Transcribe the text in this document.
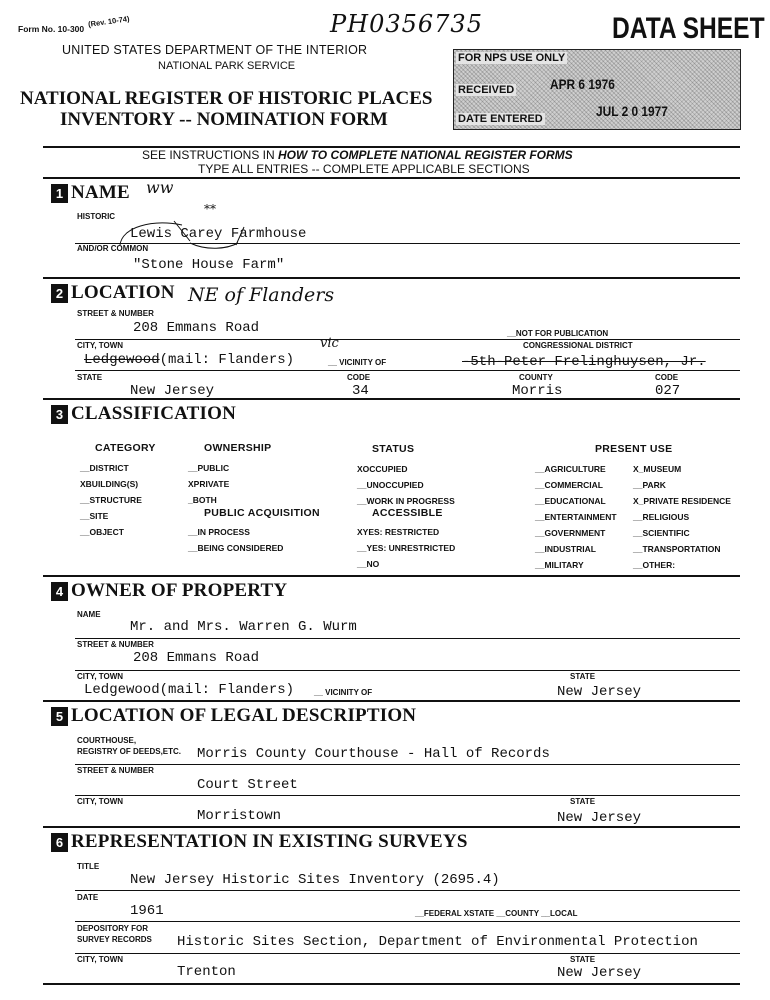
Form No. 10-300
(Rev. 10-74)	PH0356735	DATA SHEET
UNITED STATES DEPARTMENT OF THE INTERIOR
NATIONAL PARK SERVICE
NATIONAL REGISTER OF HISTORIC PLACES
INVENTORY -- NOMINATION FORM
FOR NPS USE ONLY
RECEIVED	APR 6 1976
DATE ENTERED	JUL 2 0 1977
SEE INSTRUCTIONS IN HOW TO COMPLETE NATIONAL REGISTER FORMS
TYPE ALL ENTRIES -- COMPLETE APPLICABLE SECTIONS
1 NAME ww
HISTORIC
**
Lewis Carey Farmhouse
AND/OR COMMON
"Stone House Farm"
2 LOCATION NE of Flanders
STREET & NUMBER
208 Emmans Road	__NOT FOR PUBLICATION
CITY, TOWN	CONGRESSIONAL DISTRICT
Ledgewood(mail: Flanders)
vic
__ VICINITY OF	-5th-Peter Frelinghuysen, Jr.
STATE	CODE	COUNTY	CODE
New Jersey	34	Morris	027
3 CLASSIFICATION
CATEGORY
__DISTRICT
XBUILDING(S)
__STRUCTURE
__SITE
__OBJECT
OWNERSHIP
__PUBLIC
XPRIVATE
_BOTH
PUBLIC ACQUISITION
__IN PROCESS
__BEING CONSIDERED
STATUS
XOCCUPIED
__UNOCCUPIED
__WORK IN PROGRESS
ACCESSIBLE
XYES: RESTRICTED
__YES: UNRESTRICTED
__NO
PRESENT USE
__AGRICULTURE
__COMMERCIAL
__EDUCATIONAL
__ENTERTAINMENT
__GOVERNMENT
__INDUSTRIAL
__MILITARY
X_MUSEUM
__PARK
X_PRIVATE RESIDENCE
__RELIGIOUS
__SCIENTIFIC
__TRANSPORTATION
__OTHER:
4 OWNER OF PROPERTY
NAME
Mr. and Mrs. Warren G. Wurm
STREET & NUMBER
208 Emmans Road
CITY, TOWN	STATE
Ledgewood(mail: Flanders) __ VICINITY OF	New Jersey
5 LOCATION OF LEGAL DESCRIPTION
COURTHOUSE,
REGISTRY OF DEEDS,ETC. Morris County Courthouse - Hall of Records
STREET & NUMBER
Court Street
CITY, TOWN	STATE
Morristown	New Jersey
6 REPRESENTATION IN EXISTING SURVEYS
TITLE
New Jersey Historic Sites Inventory (2695.4)
DATE
1961	__FEDERAL XSTATE __COUNTY __LOCAL
DEPOSITORY FOR
SURVEY RECORDS Historic Sites Section, Department of Environmental Protection
CITY, TOWN	STATE
Trenton	New Jersey
